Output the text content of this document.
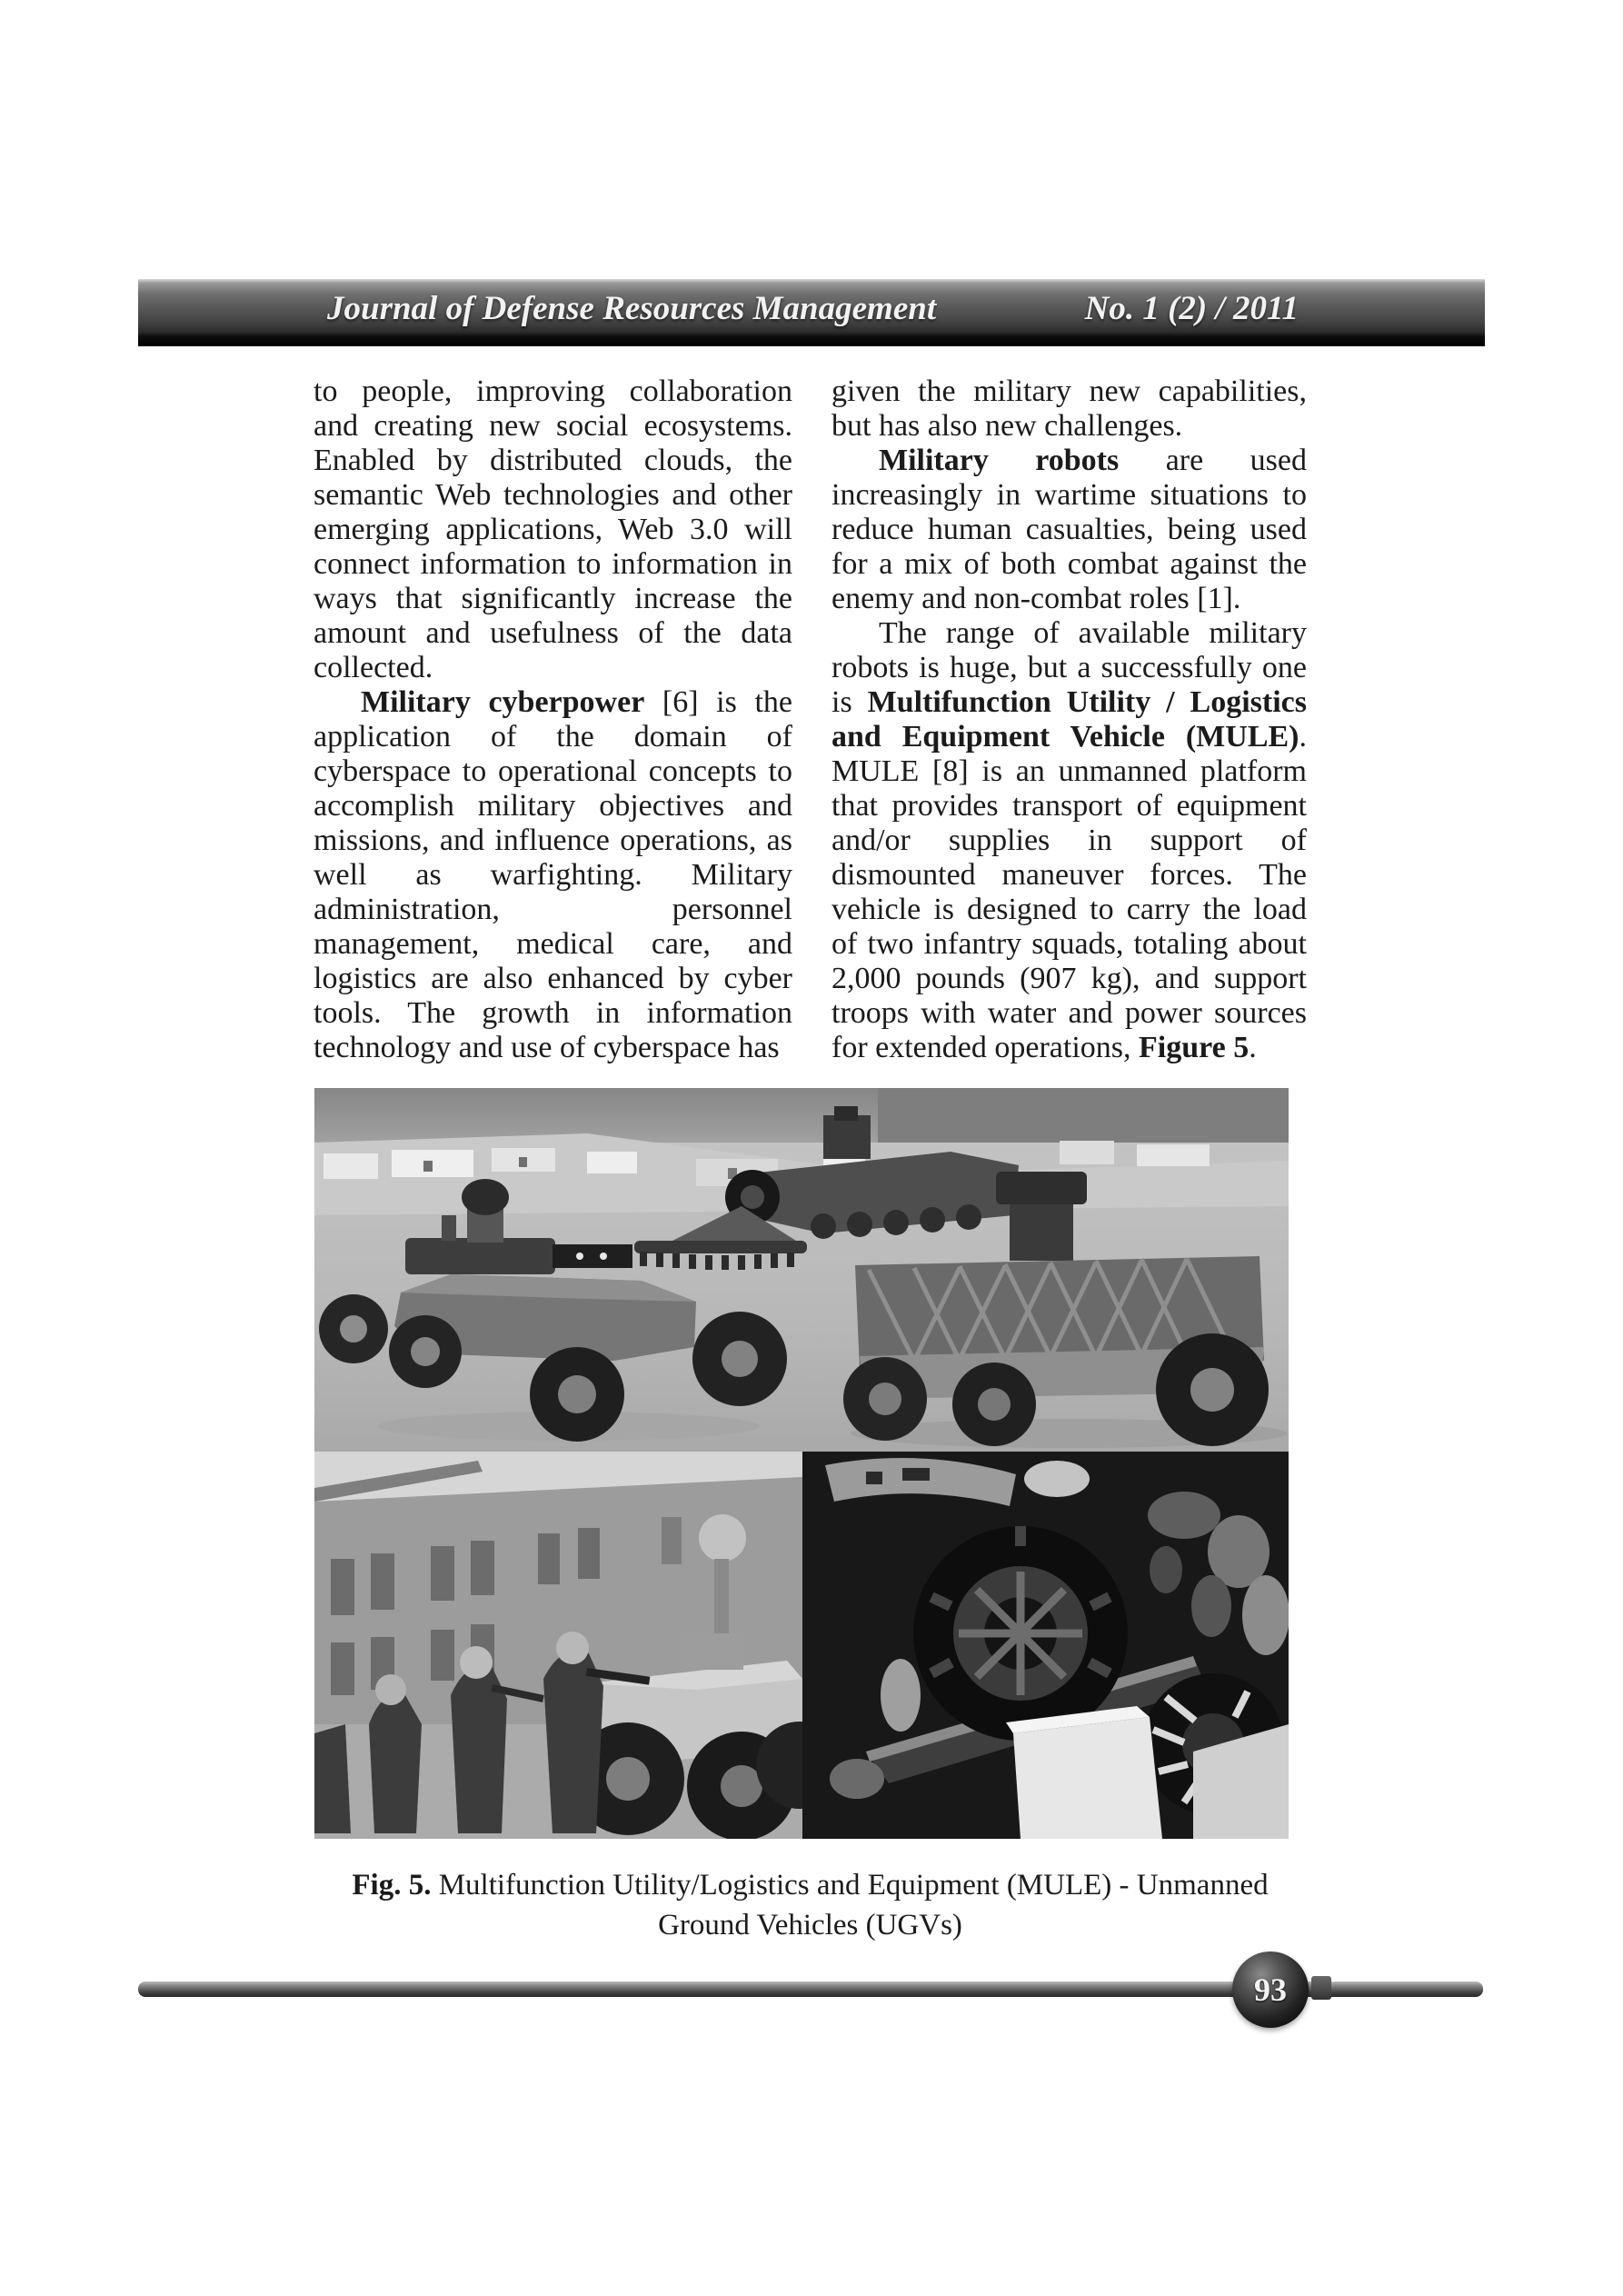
Journal of Defense Resources Management	No. 1 (2) / 2011

to people, improving collaboration and creating new social ecosystems. Enabled by distributed clouds, the semantic Web technologies and other emerging applications, Web 3.0 will connect information to information in ways that significantly increase the amount and usefulness of the data collected.

Military cyberpower [6] is the application of the domain of cyberspace to operational concepts to accomplish military objectives and missions, and influence operations, as well as warfighting. Military administration, personnel management, medical care, and logistics are also enhanced by cyber tools. The growth in information technology and use of cyberspace has

given the military new capabilities, but has also new challenges.

Military robots are used increasingly in wartime situations to reduce human casualties, being used for a mix of both combat against the enemy and non-combat roles [1].

The range of available military robots is huge, but a successfully one is Multifunction Utility / Logistics and Equipment Vehicle (MULE). MULE [8] is an unmanned platform that provides transport of equipment and/or supplies in support of dismounted maneuver forces. The vehicle is designed to carry the load of two infantry squads, totaling about 2,000 pounds (907 kg), and support troops with water and power sources for extended operations, Figure 5.

Fig. 5. Multifunction Utility/Logistics and Equipment (MULE) - Unmanned Ground Vehicles (UGVs)
93
